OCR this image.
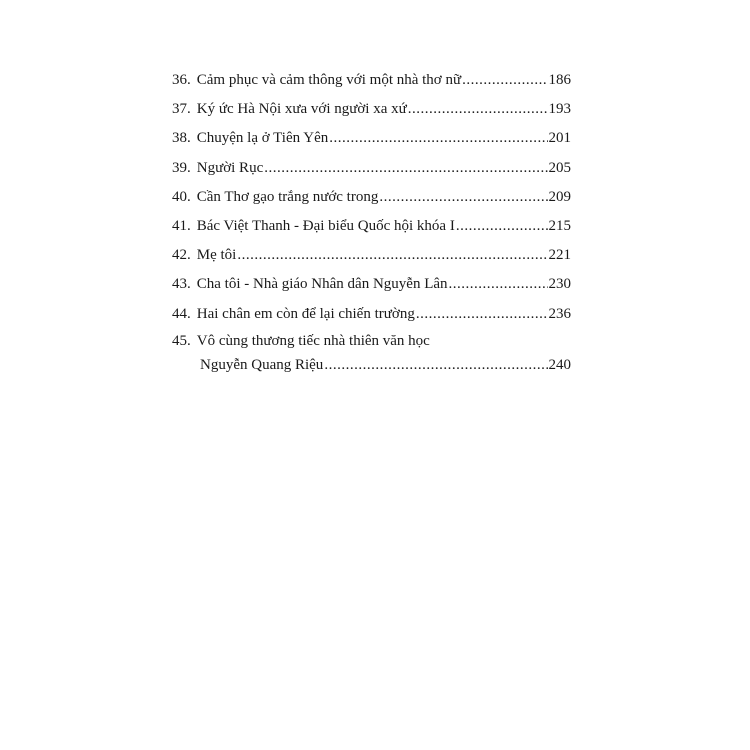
36. Cảm phục và cảm thông với một nhà thơ nữ .....	186
37. Ký ức Hà Nội xưa với người xa xứ .....	193
38. Chuyện lạ ở Tiên Yên .....	201
39. Người Rục .....	205
40. Cần Thơ gạo trắng nước trong .....	209
41. Bác Việt Thanh - Đại biểu Quốc hội khóa I .....	215
42. Mẹ tôi .....	221
43. Cha tôi - Nhà giáo Nhân dân Nguyễn Lân .....	230
44. Hai chân em còn để lại chiến trường .....	236
45. Vô cùng thương tiếc nhà thiên văn học
Nguyễn Quang Riệu .....	240
